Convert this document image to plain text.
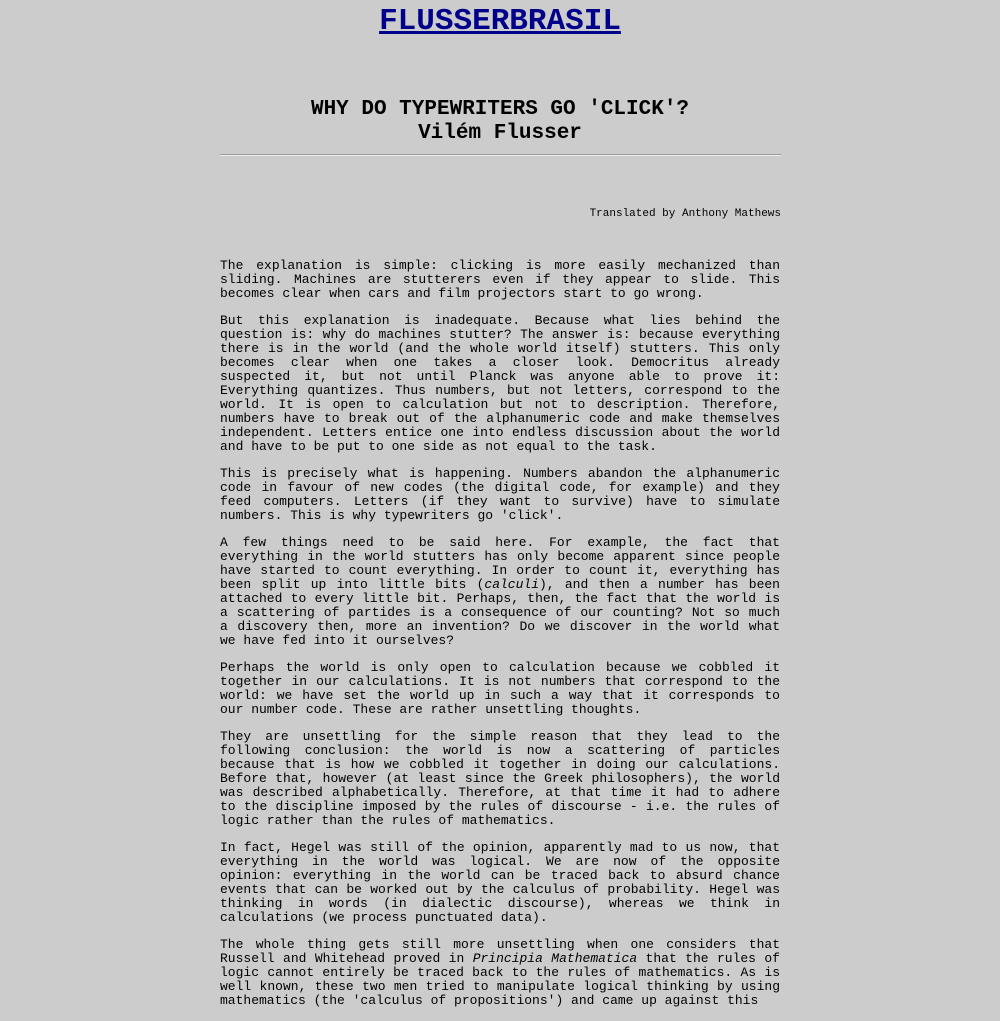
FLUSSERBRASIL
WHY DO TYPEWRITERS GO 'CLICK'?
Vilém Flusser
Translated by Anthony Mathews

The explanation is simple: clicking is more easily mechanized than sliding. Machines are stutterers even if they appear to slide. This becomes clear when cars and film projectors start to go wrong.

But this explanation is inadequate. Because what lies behind the question is: why do machines stutter? The answer is: because everything there is in the world (and the whole world itself) stutters. This only becomes clear when one takes a closer look. Democritus already suspected it, but not until Planck was anyone able to prove it: Everything quantizes. Thus numbers, but not letters, correspond to the world. It is open to calculation but not to description. Therefore, numbers have to break out of the alphanumeric code and make themselves independent. Letters entice one into endless discussion about the world and have to be put to one side as not equal to the task.

This is precisely what is happening. Numbers abandon the alphanumeric code in favour of new codes (the digital code, for example) and they feed computers. Letters (if they want to survive) have to simulate numbers. This is why typewriters go 'click'.

A few things need to be said here. For example, the fact that everything in the world stutters has only become apparent since people have started to count everything. In order to count it, everything has been split up into little bits (calculi), and then a number has been attached to every little bit. Perhaps, then, the fact that the world is a scattering of partides is a consequence of our counting? Not so much a discovery then, more an invention? Do we discover in the world what we have fed into it ourselves?

Perhaps the world is only open to calculation because we cobbled it together in our calculations. It is not numbers that correspond to the world: we have set the world up in such a way that it corresponds to our number code. These are rather unsettling thoughts.

They are unsettling for the simple reason that they lead to the following conclusion: the world is now a scattering of particles because that is how we cobbled it together in doing our calculations. Before that, however (at least since the Greek philosophers), the world was described alphabetically. Therefore, at that time it had to adhere to the discipline imposed by the rules of discourse - i.e. the rules of logic rather than the rules of mathematics.

In fact, Hegel was still of the opinion, apparently mad to us now, that everything in the world was logical. We are now of the opposite opinion: everything in the world can be traced back to absurd chance events that can be worked out by the calculus of probability. Hegel was thinking in words (in dialectic discourse), whereas we think in calculations (we process punctuated data).

The whole thing gets still more unsettling when one considers that Russell and Whitehead proved in Principia Mathematica that the rules of logic cannot entirely be traced back to the rules of mathematics. As is well known, these two men tried to manipulate logical thinking by using mathematics (the 'calculus of propositions') and came up against this
